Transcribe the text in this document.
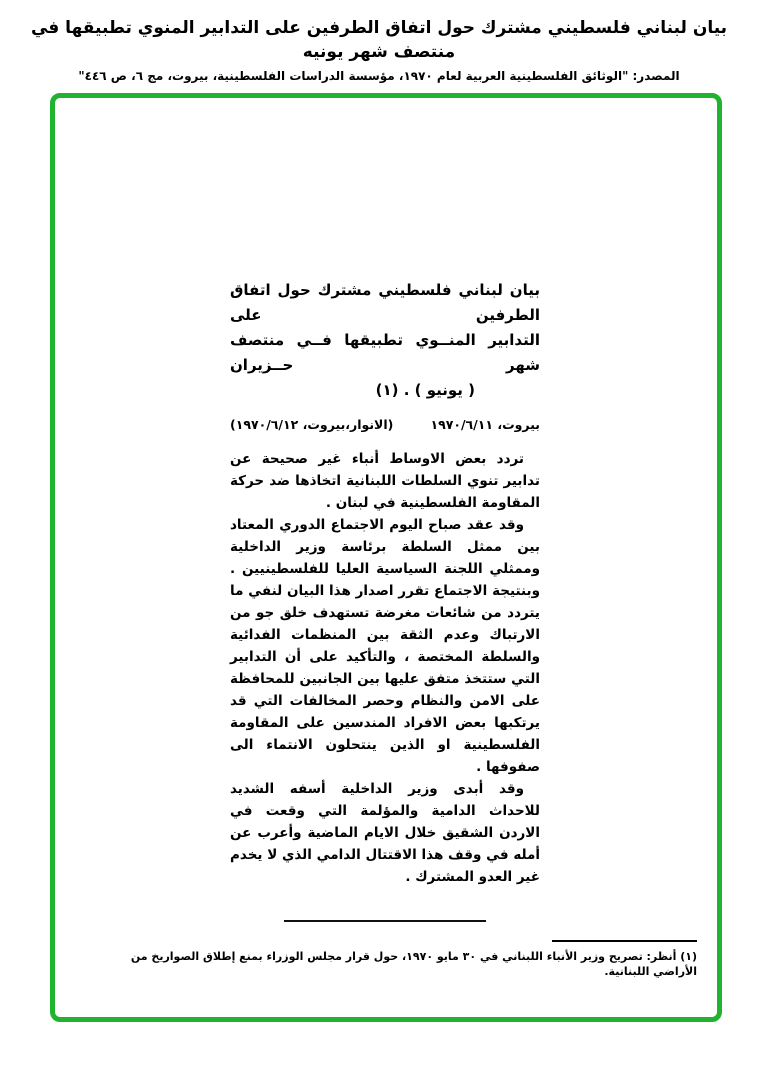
بيان لبناني فلسطيني مشترك حول اتفاق الطرفين على التدابير المنوي تطبيقها في منتصف شهر يونيه
المصدر: "الوثائق الفلسطينية العربية لعام ١٩٧٠، مؤسسة الدراسات الفلسطينية، بيروت، مج ٦، ص ٤٤٦"
بيان لبناني فلسطيني مشترك حول اتفاق الطرفين على
التدابير المنــوي تطبيقها فــي منتصف شهر حــزيران
( يونيو ) . (١)
بيروت، ١٩٧٠/٦/١١
(الانوار،بيروت، ١٩٧٠/٦/١٢)

تردد بعض الاوساط أنباء غير صحيحة عن تدابير تنوي السلطات اللبنانية اتخاذها ضد حركة المقاومة الفلسطينية في لبنان .

وقد عقد صباح اليوم الاجتماع الدوري المعتاد بين ممثل السلطة برئاسة وزير الداخلية وممثلي اللجنة السياسية العليا للفلسطينيين . وبنتيجة الاجتماع تقرر اصدار هذا البيان لنفي ما يتردد من شائعات مغرضة تستهدف خلق جو من الارتباك وعدم الثقة بين المنظمات الفدائية والسلطة المختصة ، والتأكيد على أن التدابير التي ستتخذ متفق عليها بين الجانبين للمحافظة على الامن والنظام وحصر المخالفات التي قد يرتكبها بعض الافراد المندسين على المقاومة الفلسطينية او الذين ينتحلون الانتماء الى صفوفها .

وقد أبدى وزير الداخلية أسفه الشديد للاحداث الدامية والمؤلمة التي وقعت في الاردن الشقيق خلال الايام الماضية وأعرب عن أمله في وقف هذا الاقتتال الدامي الذي لا يخدم غير العدو المشترك .

(١) أنظر: تصريح وزير الأنباء اللبناني في ٣٠ مايو ١٩٧٠، حول قرار مجلس الوزراء بمنع إطلاق الصواريخ من الأراضي اللبنانية.
